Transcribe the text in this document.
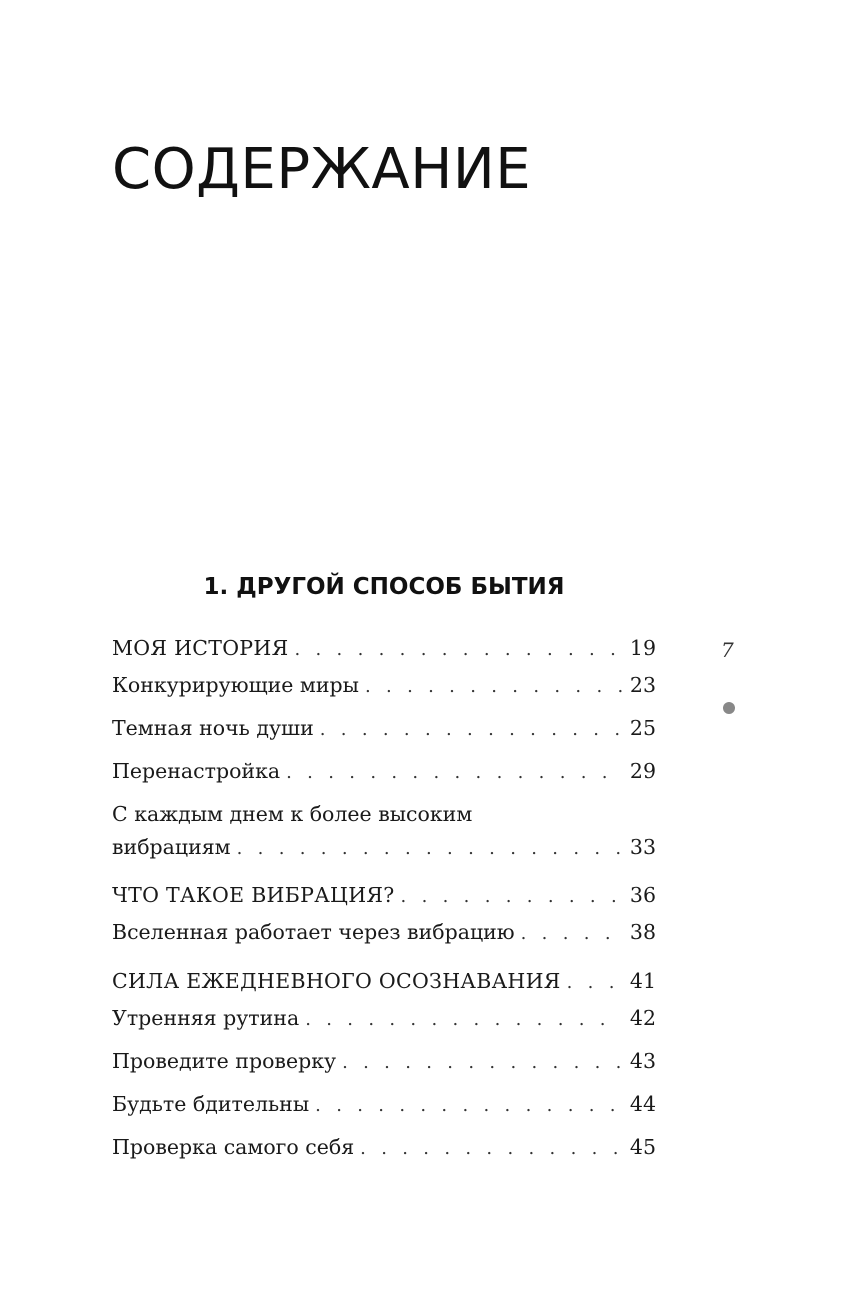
СОДЕРЖАНИЕ
1. ДРУГОЙ СПОСОБ БЫТИЯ
МОЯ ИСТОРИЯ . . .	19
Конкурирующие миры . . .	23
Темная ночь души . . .	25
Перенастройка . . .	29
С каждым днем к более высоким
вибрациям . . .	33
ЧТО ТАКОЕ ВИБРАЦИЯ? . . .	36
Вселенная работает через вибрацию . . .	38
СИЛА ЕЖЕДНЕВНОГО ОСОЗНАВАНИЯ . . .	41
Утренняя рутина . . .	42
Проведите проверку . . .	43
Будьте бдительны . . .	44
Проверка самого себя . . .	45
7
